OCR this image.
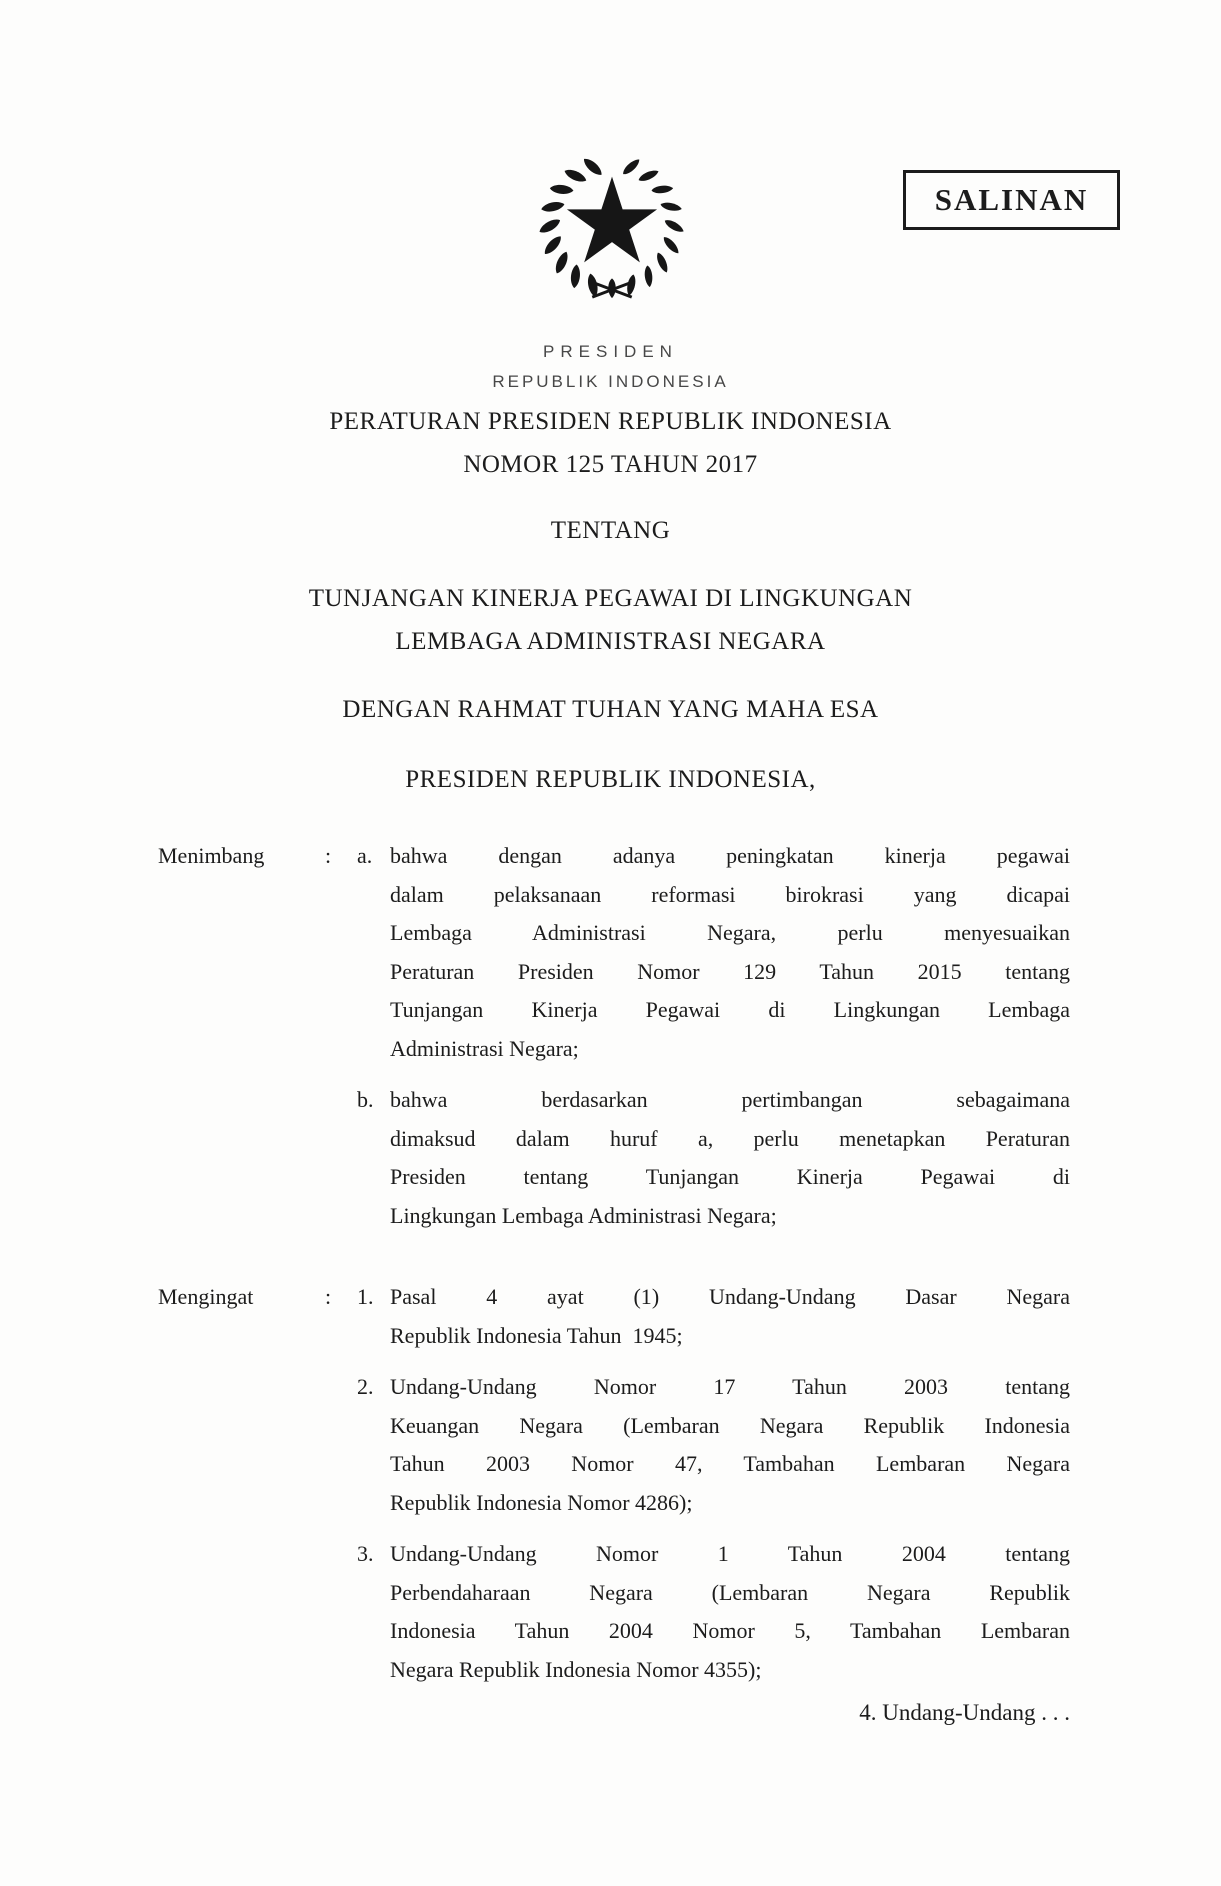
SALINAN
PRESIDEN
REPUBLIK INDONESIA
PERATURAN PRESIDEN REPUBLIK INDONESIA
NOMOR 125 TAHUN 2017
TENTANG
TUNJANGAN KINERJA PEGAWAI DI LINGKUNGAN
LEMBAGA ADMINISTRASI NEGARA
DENGAN RAHMAT TUHAN YANG MAHA ESA
PRESIDEN REPUBLIK INDONESIA,
Menimbang	:	a. bahwa dengan adanya peningkatan kinerja pegawai
dalam pelaksanaan reformasi birokrasi yang dicapai
Lembaga Administrasi Negara, perlu menyesuaikan
Peraturan Presiden Nomor 129 Tahun 2015 tentang
Tunjangan Kinerja Pegawai di Lingkungan Lembaga
Administrasi Negara;
b. bahwa berdasarkan pertimbangan sebagaimana
dimaksud dalam huruf a, perlu menetapkan Peraturan
Presiden tentang Tunjangan Kinerja Pegawai di
Lingkungan Lembaga Administrasi Negara;
Mengingat	:	1. Pasal 4 ayat (1) Undang-Undang Dasar Negara
Republik Indonesia Tahun  1945;
2. Undang-Undang Nomor 17 Tahun 2003 tentang
Keuangan Negara (Lembaran Negara Republik Indonesia
Tahun 2003 Nomor 47, Tambahan Lembaran Negara
Republik Indonesia Nomor 4286);
3. Undang-Undang Nomor 1 Tahun 2004 tentang
Perbendaharaan Negara (Lembaran Negara Republik
Indonesia Tahun 2004 Nomor 5, Tambahan Lembaran
Negara Republik Indonesia Nomor 4355);
4. Undang-Undang . . .
